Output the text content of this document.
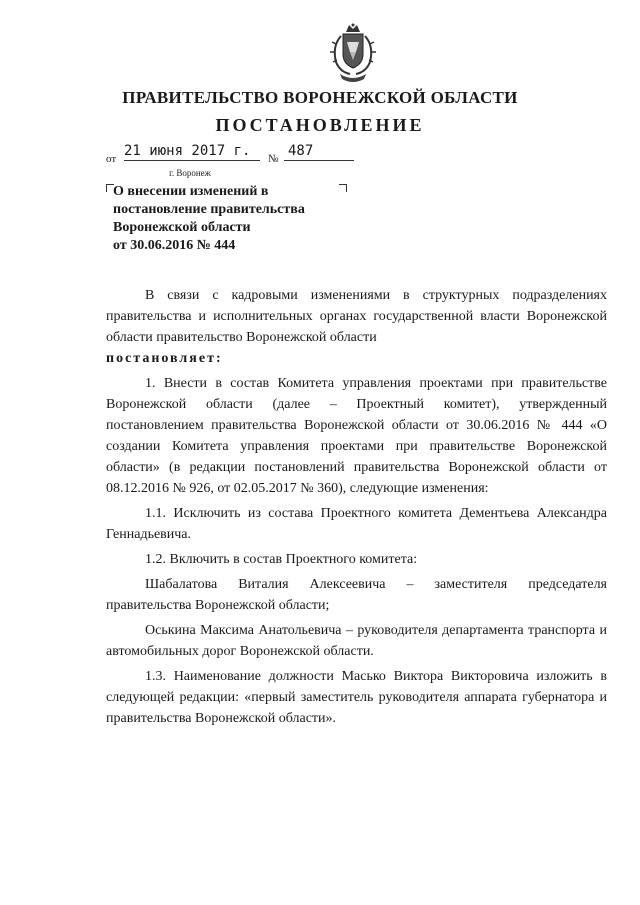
ПРАВИТЕЛЬСТВО ВОРОНЕЖСКОЙ ОБЛАСТИ
ПОСТАНОВЛЕНИЕ
от 21 июня 2017 г.	№ 487
г. Воронеж
О внесении изменений в
постановление правительства
Воронежской области
от 30.06.2016 № 444

В связи с кадровыми изменениями в структурных подразделениях правительства и исполнительных органах государственной власти Воронежской области правительство Воронежской области

постановляет:

1. Внести в состав Комитета управления проектами при правительстве Воронежской области (далее – Проектный комитет), утвержденный постановлением правительства Воронежской области от 30.06.2016 № 444 «О создании Комитета управления проектами при правительстве Воронежской области» (в редакции постановлений правительства Воронежской области от 08.12.2016 № 926, от 02.05.2017 № 360), следующие изменения:

1.1. Исключить из состава Проектного комитета Дементьева Александра Геннадьевича.

1.2. Включить в состав Проектного комитета:

Шабалатова Виталия Алексеевича – заместителя председателя правительства Воронежской области;

Оськина Максима Анатольевича – руководителя департамента транспорта и автомобильных дорог Воронежской области.

1.3. Наименование должности Масько Виктора Викторовича изложить в следующей редакции: «первый заместитель руководителя аппарата губернатора и правительства Воронежской области».
